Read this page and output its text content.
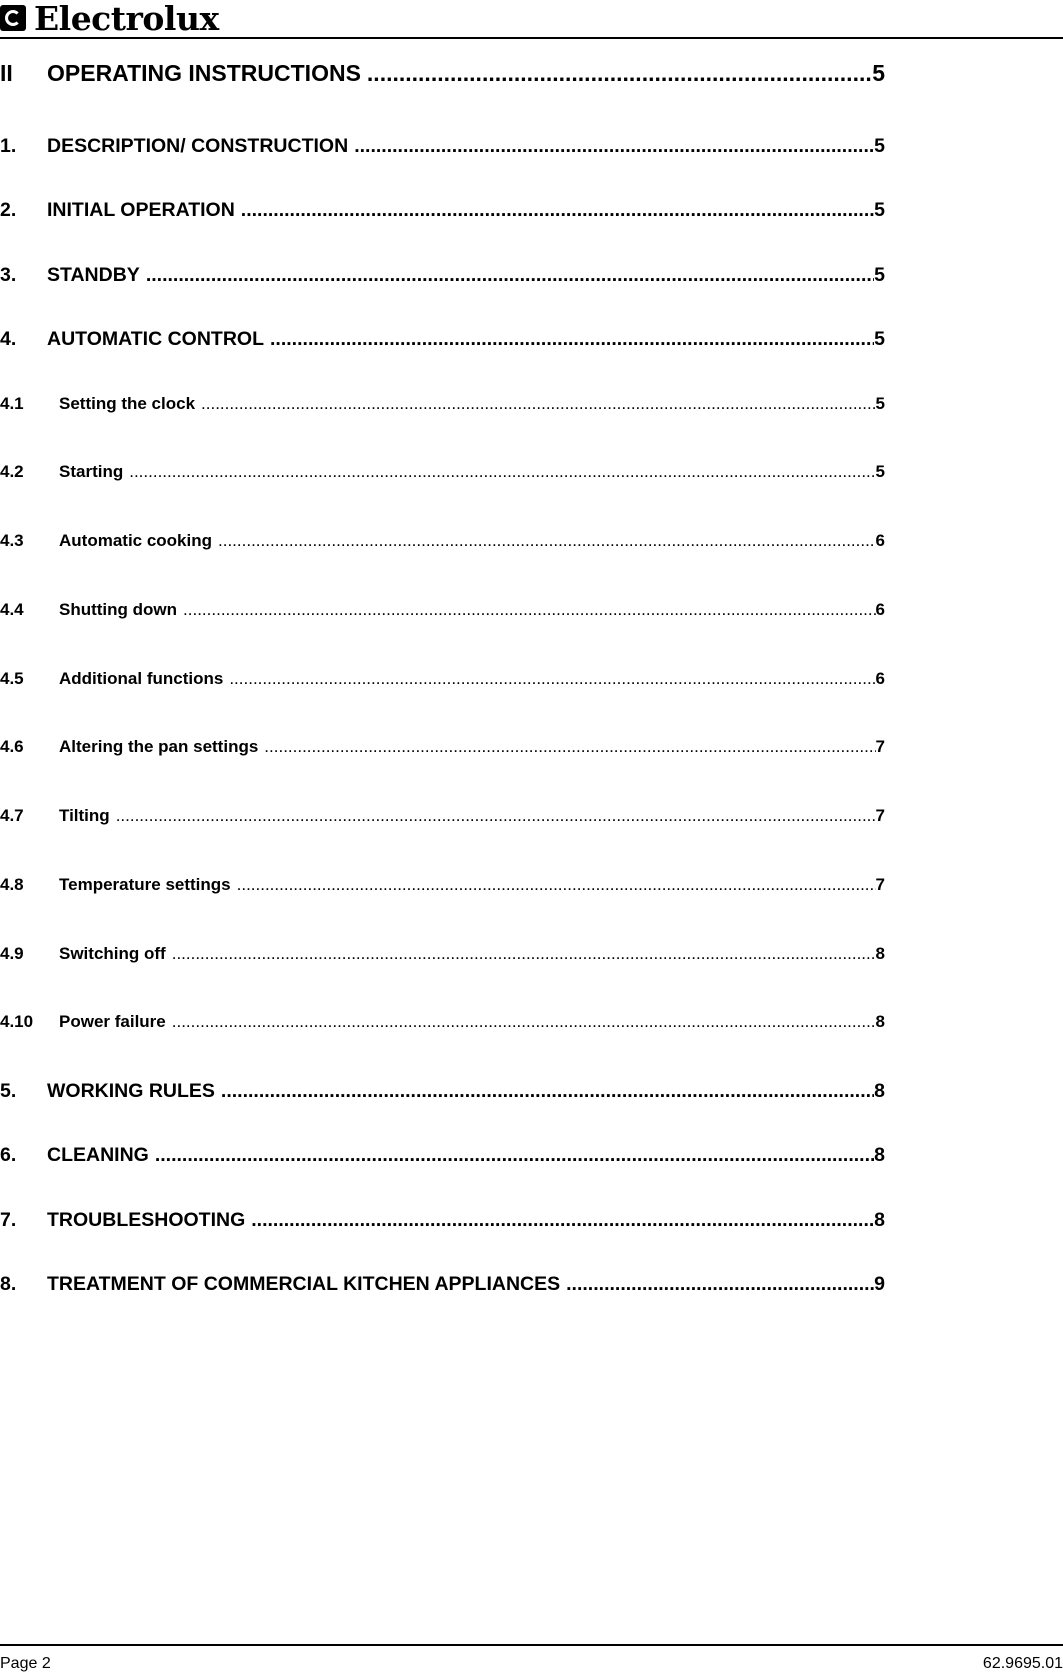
Electrolux
II	OPERATING INSTRUCTIONS .....	5
1.	DESCRIPTION/ CONSTRUCTION .....	5
2.	INITIAL OPERATION .....	5
3.	STANDBY .....	5
4.	AUTOMATIC CONTROL .....	5
4.1	Setting the clock .....	5
4.2	Starting .....	5
4.3	Automatic cooking .....	6
4.4	Shutting down .....	6
4.5	Additional functions .....	6
4.6	Altering the pan settings .....	7
4.7	Tilting .....	7
4.8	Temperature settings .....	7
4.9	Switching off .....	8
4.10	Power failure .....	8
5.	WORKING RULES .....	8
6.	CLEANING .....	8
7.	TROUBLESHOOTING .....	8
8.	TREATMENT OF COMMERCIAL KITCHEN APPLIANCES .....	9
Page 2	62.9695.01
